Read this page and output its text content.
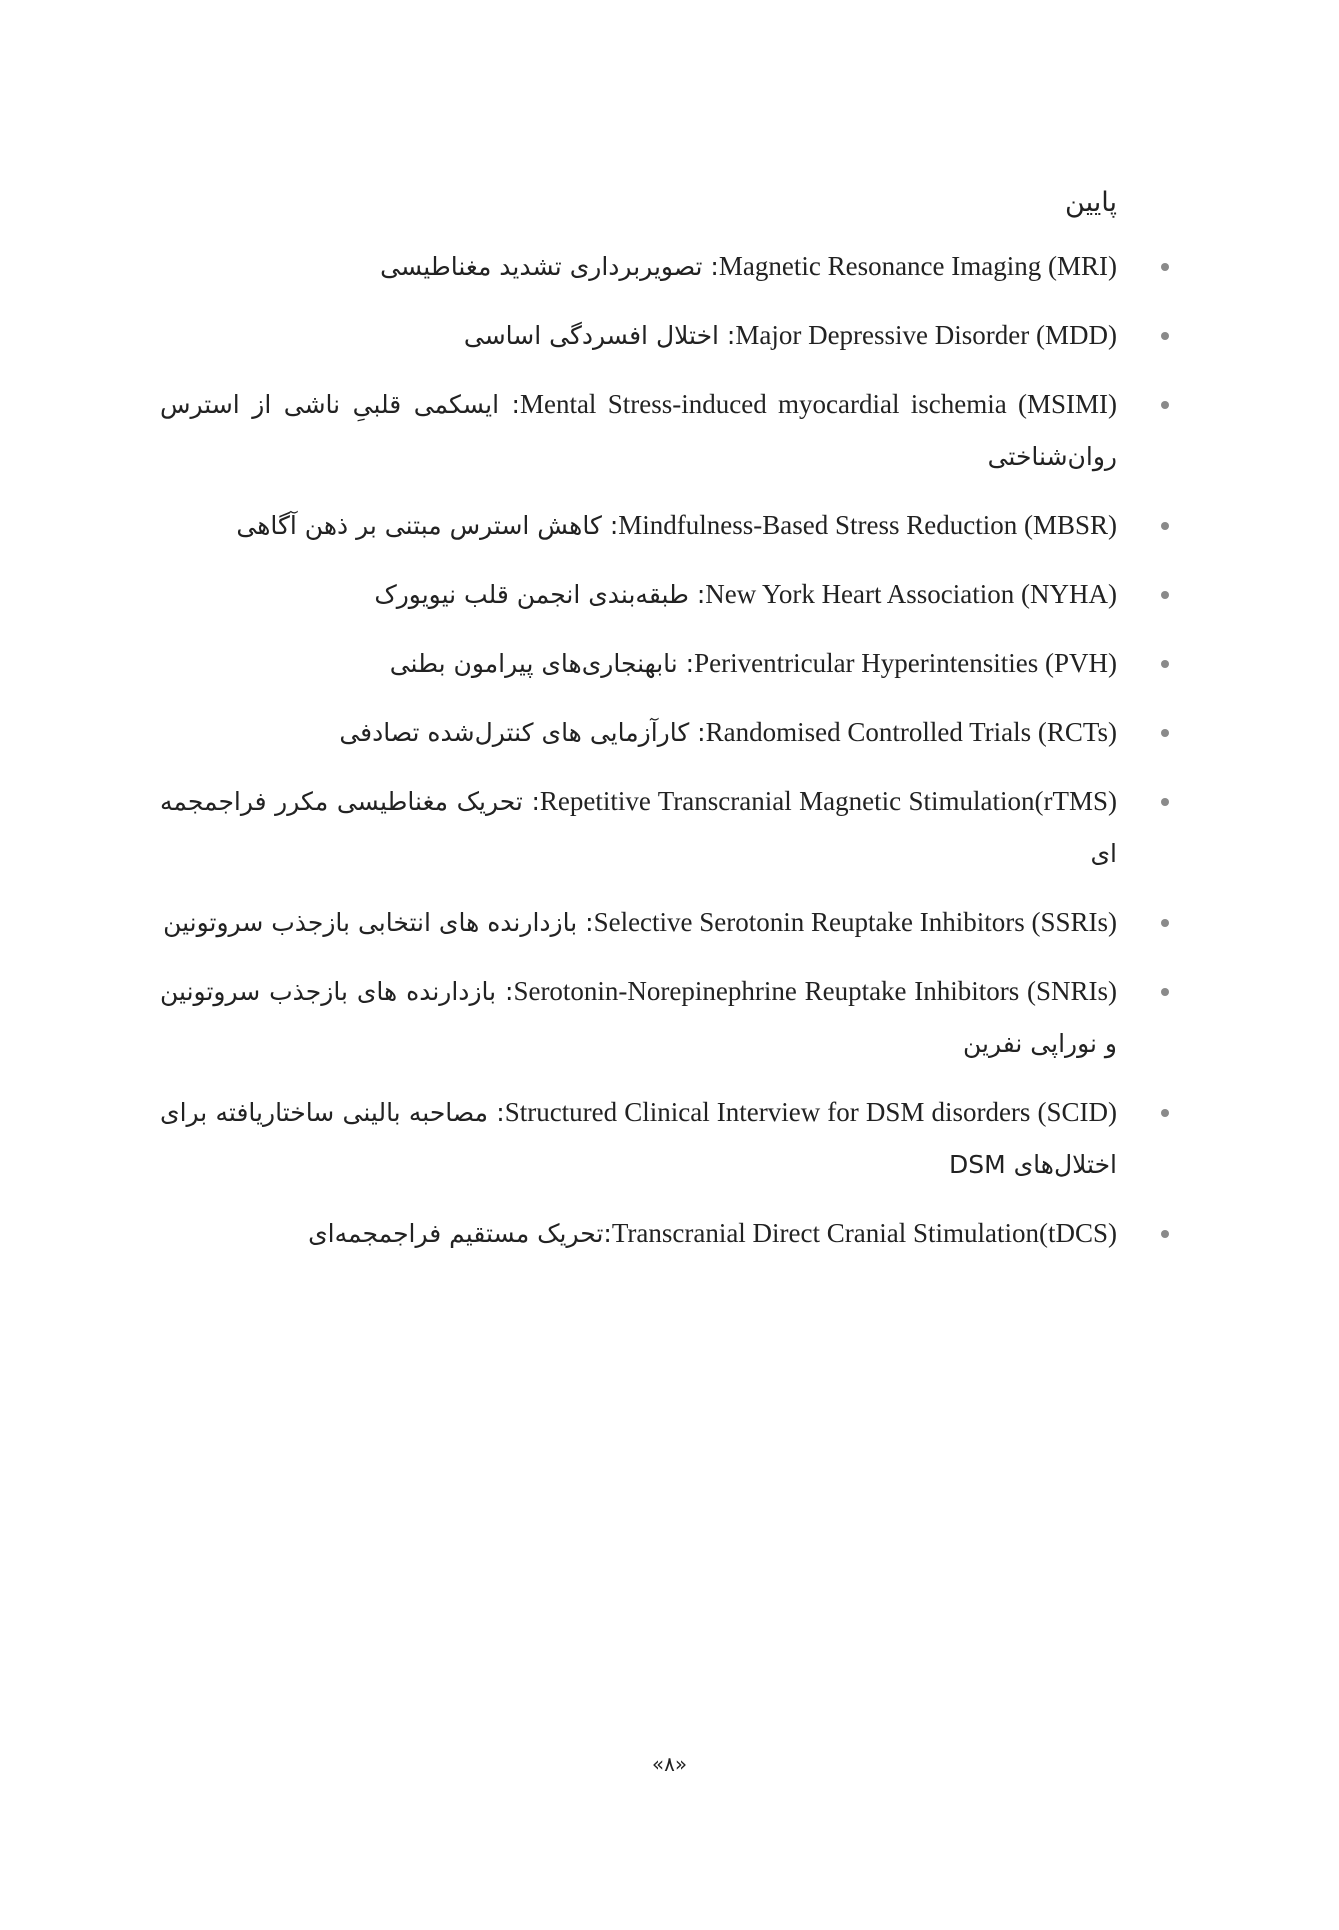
پایین
Magnetic Resonance Imaging (MRI): تصویربرداری تشدید مغناطیسی
Major Depressive Disorder (MDD): اختلال افسردگی اساسی
Mental Stress-induced myocardial ischemia (MSIMI): ایسکمی قلبیِ ناشی از استرس روان‌شناختی
Mindfulness-Based Stress Reduction (MBSR): کاهش استرس مبتنی بر ذهن آگاهی
New York Heart Association (NYHA): طبقه‌بندی انجمن قلب نیویورک
Periventricular Hyperintensities (PVH): نابهنجاری‌های پیرامون بطنی
Randomised Controlled Trials (RCTs): کارآزمایی های کنترل‌شده تصادفی
Repetitive Transcranial Magnetic Stimulation(rTMS): تحریک مغناطیسی مکرر فراجمجمه ای
Selective Serotonin Reuptake Inhibitors (SSRIs): بازدارنده های انتخابی بازجذب سروتونین
Serotonin-Norepinephrine Reuptake Inhibitors (SNRIs): بازدارنده های بازجذب سروتونین و نوراپی نفرین
Structured Clinical Interview for DSM disorders (SCID): مصاحبه بالینی ساختاریافته برای اختلال‌های DSM
Transcranial Direct Cranial Stimulation(tDCS):تحریک مستقیم فراجمجمه‌ای
«۸»
